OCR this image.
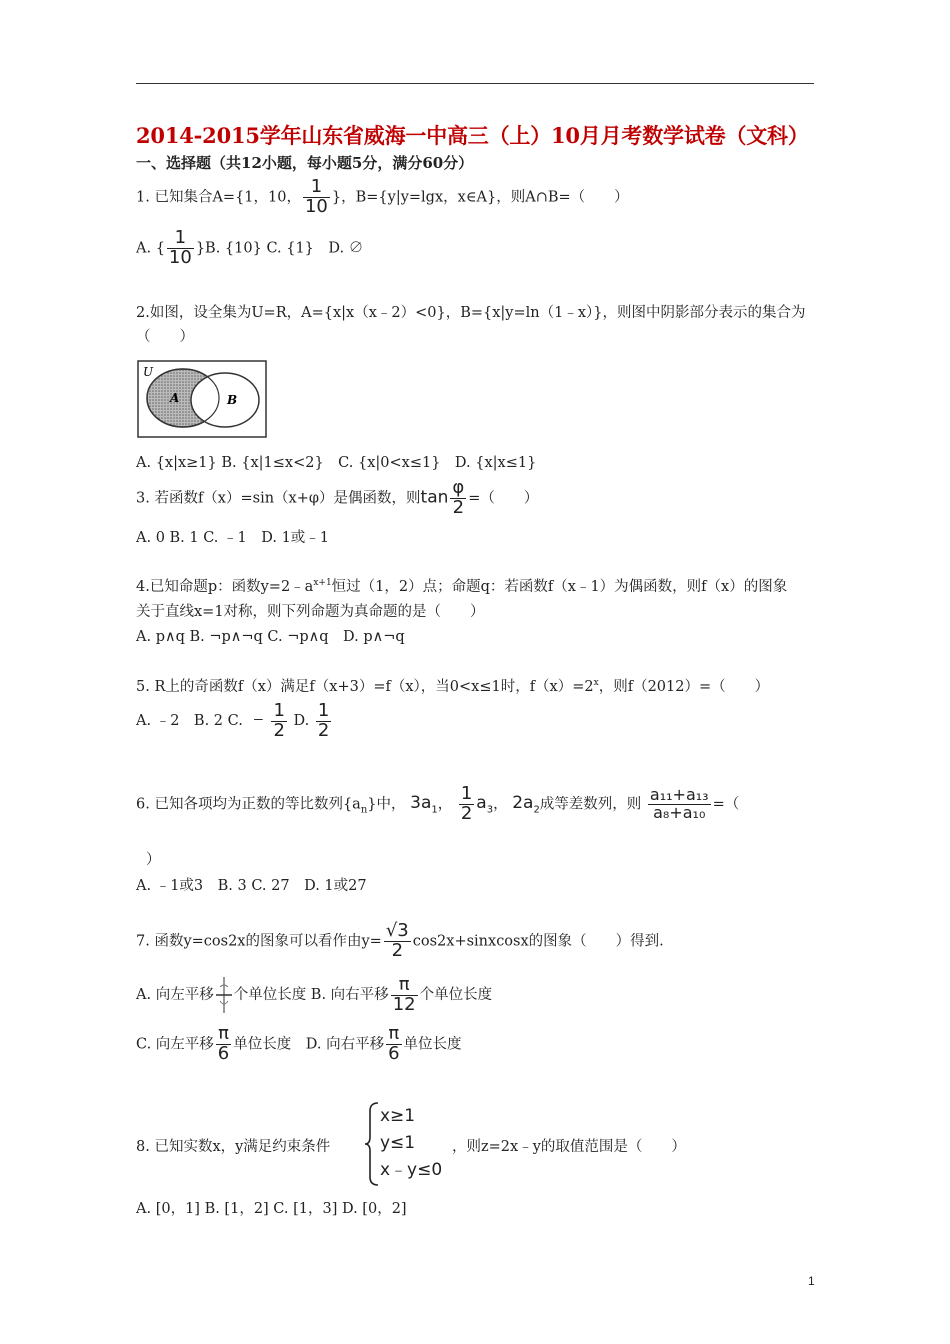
2014-2015学年山东省威海一中高三（上）10月月考数学试卷（文科）
一、选择题（共12小题，每小题5分，满分60分）
1. 已知集合A={1，10， $\frac{1}{10}$ }，B={y|y=lgx，x∈A}，则A∩B=（　　）
A. { $\frac{1}{10} \}B$. {10} C. {1}　D. ∅
2.如图，设全集为U=R，A={x|x（x﹣2）<0}，B={x|y=ln（1﹣x）}，则图中阴影部分表示的集合为
（　　）
U
A	B
A. {x|x≥1} B. {x|1≤x<2}　C. {x|0<x≤1}　D. {x|x≤1}
3. 若函数f（x）=sin（x+φ）是偶函数，则$\tan \frac{\varphi}{2}$ =（　　）
A. 0 B. 1 C. ﹣1　D. 1或﹣1
4.已知命题p：函数$y=2﹣a^{x+1}$恒过（1，2）点；命题q：若函数f（x﹣1）为偶函数，则f（x）的图象
关于直线x=1对称，则下列命题为真命题的是（　　）
A. p∧q B. ¬p∧¬q C. ¬p∧q　D. p∧¬q
5. R上的奇函数f（x）满足f（x+3）=f（x），当0<x≤1时，$f(x)=2^x$，则f（2012）=（　　）
A. ﹣2　B. 2 C. ﹣ $\frac{1}{2} D$. $\frac{1}{2}$
6. 已知各项均为正数的等比数列$\{a_n\}$中， $3a_1$， $\frac{1}{2} a_3$， $2a_2$成等差数列，则 $\frac{\text{a₁₁+a₁₃}}{\text{a₈+a₁₀}}$ =（
）
A. ﹣1或3　B. 3 C. 27　D. 1或27
7. 函数y=cos2x的图象可以看作由$y= \frac{√3}{2}$ cos2x+sinxcosx的图象（　　）得到.
A. 向左平移 个单位长度 B. 向右平移 $\frac{\pi}{12}$ 个单位长度
C. 向左平移 $\frac{\pi}{6}$ 单位长度　D. 向右平移 $\frac{\pi}{6}$ 单位长度
8. 已知实数x，y满足约束条件
x≥1
y≤1
x﹣y≤0
，则z=2x﹣y的取值范围是（　　）
A. [0，1] B. [1，2] C. [1，3] D. [0，2]
1
